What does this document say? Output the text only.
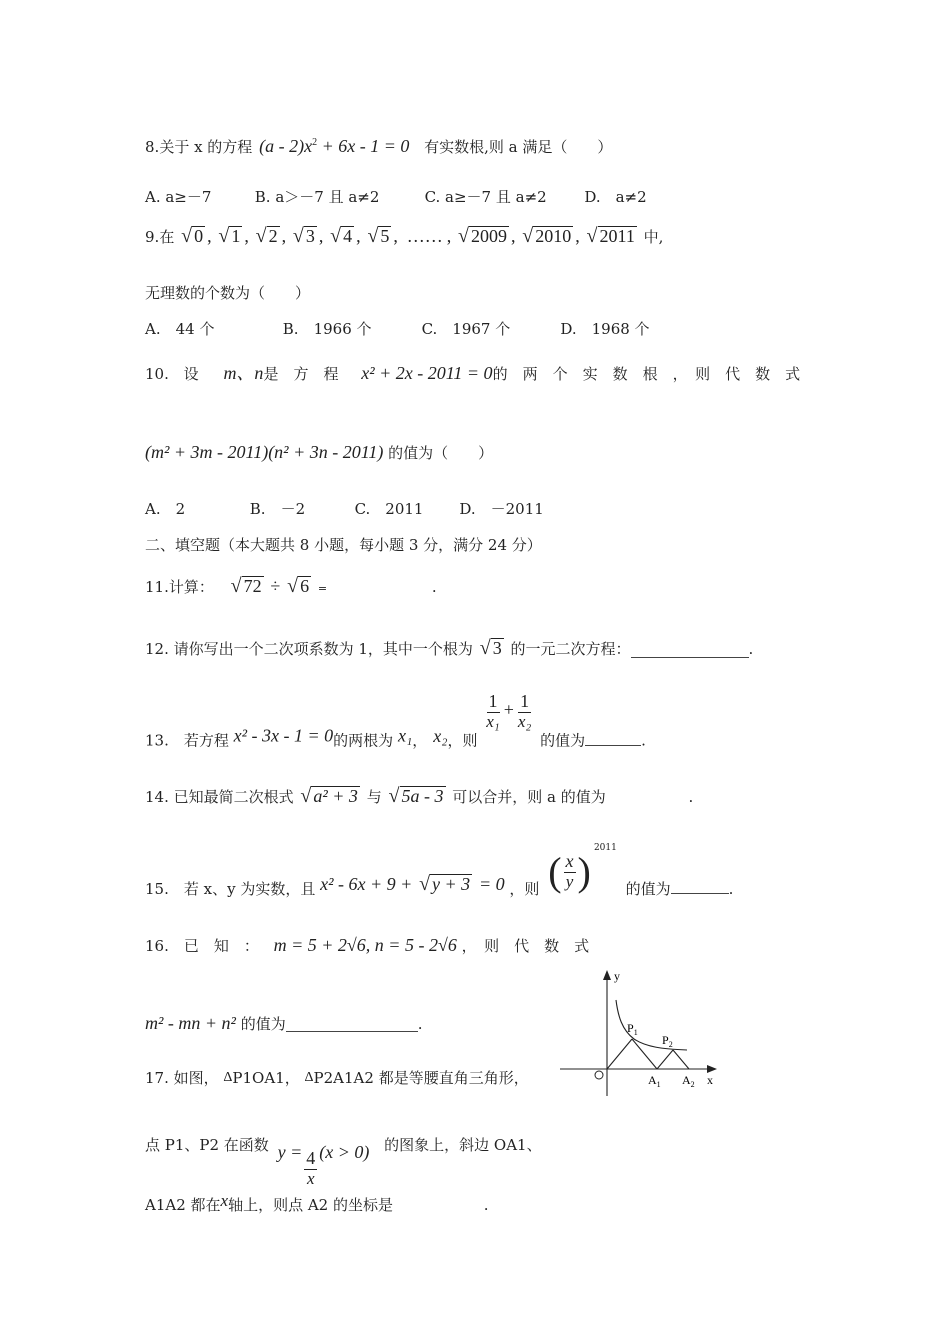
8.关于 x 的方程 $(a - 2)x^2 + 6x - 1 = 0$ 有实数根,则 a 满足（　　）
A. a≥－7	B. a＞－7 且 a≠2	C. a≥－7 且 a≠2	D.　a≠2
9.在 √ 0 , √ 1 , √ 2 , √ 3 , √ 4 , √ 5 , …… , √ 2009 , √ 2010 , √ 2011 中,
无理数的个数为（　　）
A.　44 个	B.　1966 个	C.　1967 个	D.　1968 个
10. 设 m、n是　方　程 x² + 2x - 2011 = 0的　两　个　实　数　根　，　则　代　数　式
(m² + 3m - 2011)(n² + 3n - 2011) 的值为（　　）
A.　2	B.　－2	C.　2011 D.　－2011
二、填空题（本大题共 8 小题，每小题 3 分，满分 24 分）
11.计算： √ 72 ÷ √ 6 =	.
12. 请你写出一个二次项系数为 1，其中一个根为 √ 3 的一元二次方程：	.
13.　若方程 x² - 3x - 1 = 0的两根为 x₁， x₂，则
$\frac{1}{\text{x₁}} + \frac{1}{\text{x₂}}$
的值为	.
14. 已知最简二次根式 √ a² + 3 与 √ 5a - 3 可以合并，则 a 的值为	.
15.　若 x、y 为实数，且 x² - 6x + 9 + √ y + 3 = 0 ，则 ( $\frac{x}{y}$ )
2011
的值为	.
16.　已　知　： m = 5 + 2√6, n = 5 - 2√6 ，　则　代　数　式
m² - mn + n² 的值为	.
17. 如图， ΔP1OA1， ΔP2A1A2 都是等腰直角三角形，
点 P1、P2 在函数 $y = \frac{4}{x} (x > 0)$ 的图象上，斜边 OA1、
A1A2 都在x轴上，则点 A2 的坐标是	.
y
x
$P_1$
$P_2$
$A_1$ $A_2$
